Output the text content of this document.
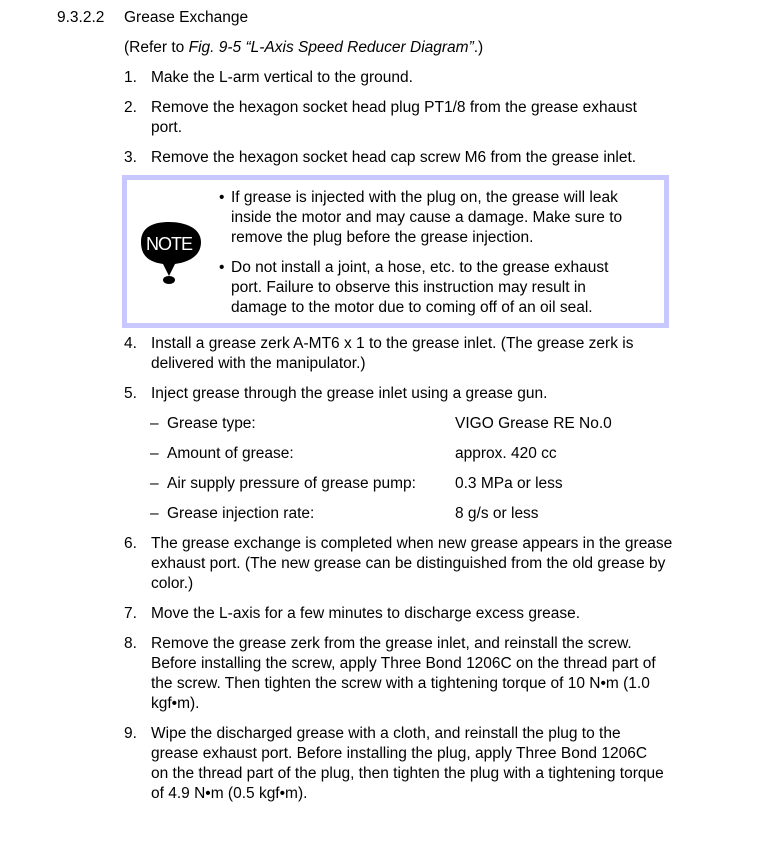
9.3.2.2 Grease Exchange
(Refer to Fig. 9-5 “L-Axis Speed Reducer Diagram”.)
1. Make the L-arm vertical to the ground.
2. Remove the hexagon socket head plug PT1/8 from the grease exhaust port.
3. Remove the hexagon socket head cap screw M6 from the grease inlet.
NOTE
• If grease is injected with the plug on, the grease will leak inside the motor and may cause a damage. Make sure to remove the plug before the grease injection.
• Do not install a joint, a hose, etc. to the grease exhaust port. Failure to observe this instruction may result in damage to the motor due to coming off of an oil seal.
4. Install a grease zerk A-MT6 x 1 to the grease inlet. (The grease zerk is delivered with the manipulator.)
5. Inject grease through the grease inlet using a grease gun.
– Grease type:	VIGO Grease RE No.0
– Amount of grease:	approx. 420 cc
– Air supply pressure of grease pump:	0.3 MPa or less
– Grease injection rate:	8 g/s or less
6. The grease exchange is completed when new grease appears in the grease exhaust port. (The new grease can be distinguished from the old grease by color.)
7. Move the L-axis for a few minutes to discharge excess grease.
8. Remove the grease zerk from the grease inlet, and reinstall the screw. Before installing the screw, apply Three Bond 1206C on the thread part of the screw. Then tighten the screw with a tightening torque of 10 N•m (1.0 kgf•m).
9. Wipe the discharged grease with a cloth, and reinstall the plug to the grease exhaust port. Before installing the plug, apply Three Bond 1206C on the thread part of the plug, then tighten the plug with a tightening torque of 4.9 N•m (0.5 kgf•m).
